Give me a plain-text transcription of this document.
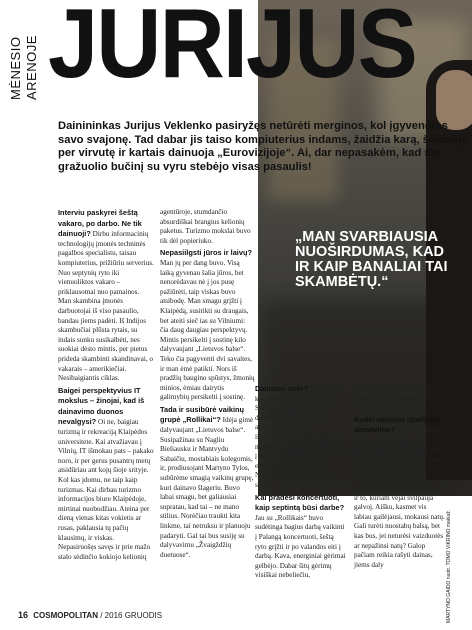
MĖNESIO ARENOJE JURIJUS
Dainininkas Jurijus Veklenko pasiryžęs netūrėti merginos, kol įgyvendins savo svajonę. Tad dabar jis taiso kompiuterius indams, žaidžia karą, šokinėja per virvutę ir kartais dainuoja „Eurovizijoje“. Ai, dar nepasakėm, kad šio gražuolio bučinį su vyru stebėjo visas pasaulis!
„MAN SVARBIAUSIA NUOŠIRDUMAS, KAD IR KAIP BANALIAI TAI SKAMBĖTŲ.“

Interviu paskyrei šeštą vakaro, po darbo. Ne tik dainuoji? Dirbu informacinių technologijų įmonės techninės pagalbos specialistu, taisau kompiuterius, prižiūriu serverius. Nuo septynių ryto iki vienuoliktos vakaro – priklausomai nuo pamainos. Man skambina įmonės darbuotojai iš viso pasaulio, bandau jiems padėti. Iš Indijos skambučiai plūsta rytais, su indais sunku susikalbėti, nes suokiai dėsto mintis, per pietus prideda skambinti skandinavai, o vakarais – amerikiečiai. Nesibaigiantis ciklas.

Baigei perspektyvius IT mokslus – žinojai, kad iš dainavimo duonos nevalgysi? Oi ne, baigiau turizmą ir rekreaciją Klaipėdos universitete. Kai atvažiavau į Vilnių, IT išmokau pats – pakako noro, ir per gerus pusantrų metų atsidūriau ant kojų šioje srityje. Kol kas įdomu, ne taip kaip turizmas. Kai dirbau turizmo informacijos biure Klaipėdoje, mirtinai nuobodžiau. Ateina per dieną vienas kitas vokietis ar rusas, paklausia tų pačių klausimų, ir viskas. Nepasiruošęs savęs ir prie mažo stalo sėdinčio kokiojo kelionių

agentūroje, stumdančio absurdiškai brangius kelionių paketus. Turizmo mokslai buvo tik dėl popieriuko.

Nepasiilgsti jūros ir laivų? Man jų per dang buvo. Visą laiką gyvenau šalia jūros, bet nenorėdavau nė į jos pusę pažiūrėti, taip viskas buvo atsibodę. Man smagu grįžti į Klaipėdą, susitikti su draugais, bet ateiti sieč ias su Vilniumi: čia daug daugiau perspektyvų. Mintis persikelti į sostinę kilo dalyvaujant „Lietuvos balse“. Teko čia pagyventi dvi savaites, ir man ėmė patikti. Nors iš pradžių baugino spūstys, žmonių minios, ėmiau dairytis galimybių persikelti į sostinę.

Tada ir susibūrė vaikinų grupė „Rollikai“? Idėja gimė dalyvaujant „Lietuvos balse“. Susipažinau su Nagliu Bieliausku ir Mantvydu Sabaičiu, mostabiais kolegomis, ir, prodiusojant Martyno Tylos, subūrėme smagią vaikinų grupę, kuri dainavo šlageriu. Buvo labai smagu, bet galiausiai supratau, kad tai – ne mano stilius. Norėčiau traukti kita linkme, tai netruksu ir planuoju padaryti. Gal tai bus susiję su dalyvavimu „Žvaigždžių duetuose“.

Dainuosi solo? Bus galbūt kas nors panašaus į Leoną Somovą su Jazzu. Kelios dainos jau parašytos, jos asmeniškos, pilnos išgyvenimų, ne tokios kaip „oi mažule, oi mažyte, pabučiuosiu į lūpytę“. Tai kūriniai su elektroniniu prieskoniu. Netrukus turėtų pasirodyti singlas.

Kai pradėsi koncertuoti, kaip septintą būsi darbe? Jau su „Rollikais“ buvo sudėtinga bagius darbą vaikinti į Palangą koncertuoti, šeštą ryto grįžti ir po valandos eiti į darbą. Kava, energiniai gėrimai gelbėjo. Dabar šitų gėrimų visiškai nebeliečiu,

nes tai baisūs dalykai. Man patinka taisyti kompiuterius, bet norėčiau tik dainuoti.

Kodėl nestojai studijuoti dainavimo? Buvau jaunas ir kvailas. Kai mama sumanė mane leisti į trimito klasę, nes brolis lankė muzikos mokyklą, protestavau, ir mane išmetė. Taip ir likau turp to, kuris kažkiek nutuokia apie muziką, ir to, kuriam vėjai švilpauja galvoj. Aišku, kasmet vis labiau gailėjausi, mokausi natų. Gali turėti nuostabų balsą, bet kas bus, jei neturėsi vaizduotės ar nepažinsi natų? Galop pačiam reikia rašyti dainas, jiems daly	MARTYNO GAIDO nuotr. TOMO VIKRINO makiaž.
16 COSMOPOLITAN / 2016 GRUODIS
